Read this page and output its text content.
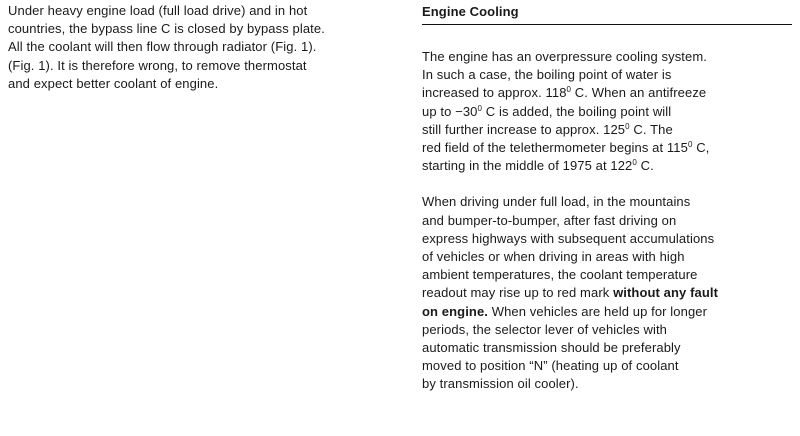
Under heavy engine load (full load drive) and in hot
countries, the bypass line C is closed by bypass plate.
All the coolant will then flow through radiator (Fig. 1).
(Fig. 1). It is therefore wrong, to remove thermostat
and expect better coolant of engine.
Engine Cooling
The engine has an overpressure cooling system.
In such a case, the boiling point of water is
increased to approx. $118^0$ C. When an antifreeze
up to $-30^0$ C is added, the boiling point will
still further increase to approx. $125^0$ C. The
red field of the telethermometer begins at $115^0$ C,
starting in the middle of 1975 at $122^0$ C.
When driving under full load, in the mountains
and bumper-to-bumper, after fast driving on
express highways with subsequent accumulations
of vehicles or when driving in areas with high
ambient temperatures, the coolant temperature
readout may rise up to red mark without any fault
on engine. When vehicles are held up for longer
periods, the selector lever of vehicles with
automatic transmission should be preferably
moved to position “N” (heating up of coolant
by transmission oil cooler).
